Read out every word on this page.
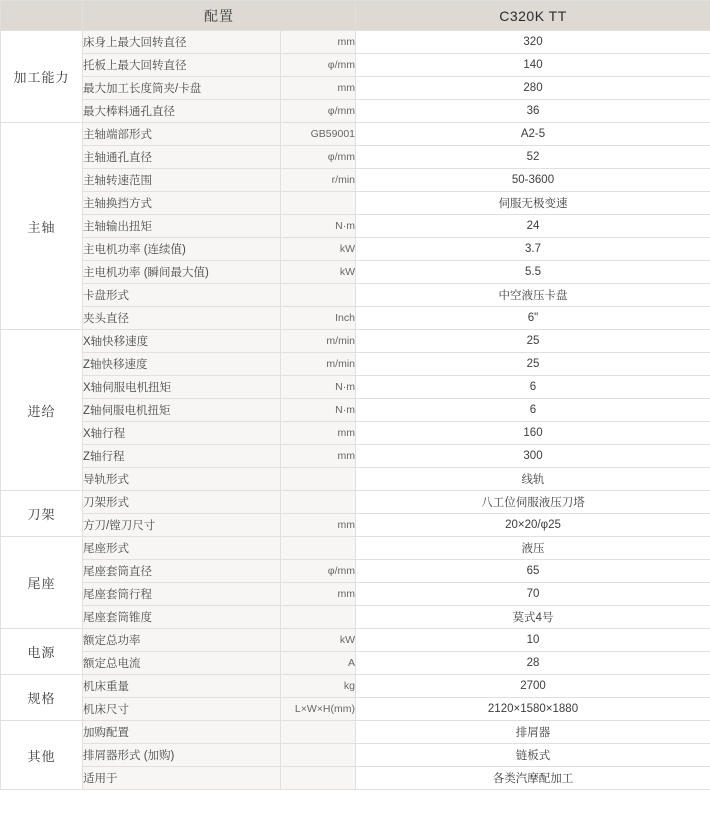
	配置		C320K TT
加工能力	床身上最大回转直径	mm	320
	托板上最大回转直径	φ/mm	140
	最大加工长度筒夹/卡盘	mm	280
	最大棒料通孔直径	φ/mm	36
主轴	主轴端部形式	GB59001	A2-5
	主轴通孔直径	φ/mm	52
	主轴转速范围	r/min	50-3600
	主轴换挡方式		伺服无极变速
	主轴输出扭矩	N·m	24
	主电机功率 (连续值)	kW	3.7
	主电机功率 (瞬间最大值)	kW	5.5
	卡盘形式		中空液压卡盘
	夹头直径	Inch	6"
进给	X轴快移速度	m/min	25
	Z轴快移速度	m/min	25
	X轴伺服电机扭矩	N·m	6
	Z轴伺服电机扭矩	N·m	6
	X轴行程	mm	160
	Z轴行程	mm	300
	导轨形式		线轨
刀架	刀架形式		八工位伺服液压刀塔
	方刀/镗刀尺寸	mm	20×20/φ25
尾座	尾座形式		液压
	尾座套筒直径	φ/mm	65
	尾座套筒行程	mm	70
	尾座套筒锥度		莫式4号
电源	额定总功率	kW	10
	额定总电流	A	28
规格	机床重量	kg	2700
	机床尺寸	L×W×H(mm)	2120×1580×1880
其他	加购配置		排屑器
	排屑器形式 (加购)		链板式
	适用于		各类汽摩配加工
